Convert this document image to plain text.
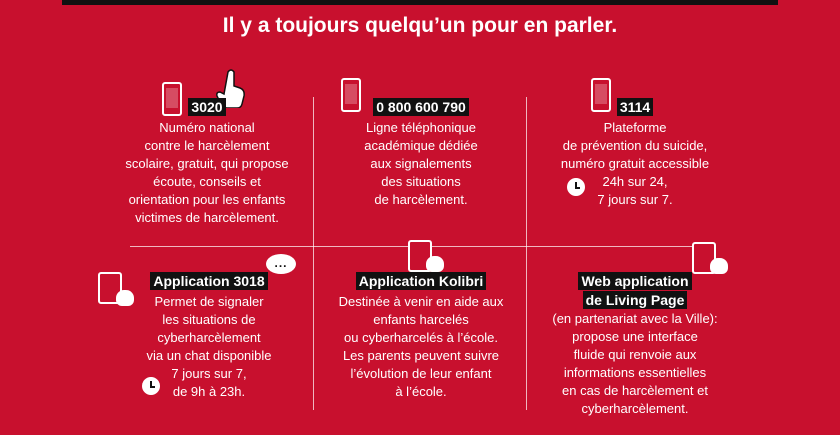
Il y a toujours quelqu’un pour en parler.
3020
Numéro national
contre le harcèlement
scolaire, gratuit, qui propose
écoute, conseils et
orientation pour les enfants
victimes de harcèlement.
0 800 600 790
Ligne téléphonique
académique dédiée
aux signalements
des situations
de harcèlement.
3114
Plateforme
de prévention du suicide,
numéro gratuit accessible
24h sur 24,
7 jours sur 7.
...
Application 3018
Permet de signaler
les situations de
cyberharcèlement
via un chat disponible
7 jours sur 7,
de 9h à 23h.
Application Kolibri
Destinée à venir en aide aux
enfants harcelés
ou cyberharcelés à l’école.
Les parents peuvent suivre
l’évolution de leur enfant
à l’école.
Web application
de Living Page
(en partenariat avec la Ville):
propose une interface
fluide qui renvoie aux
informations essentielles
en cas de harcèlement et
cyberharcèlement.
